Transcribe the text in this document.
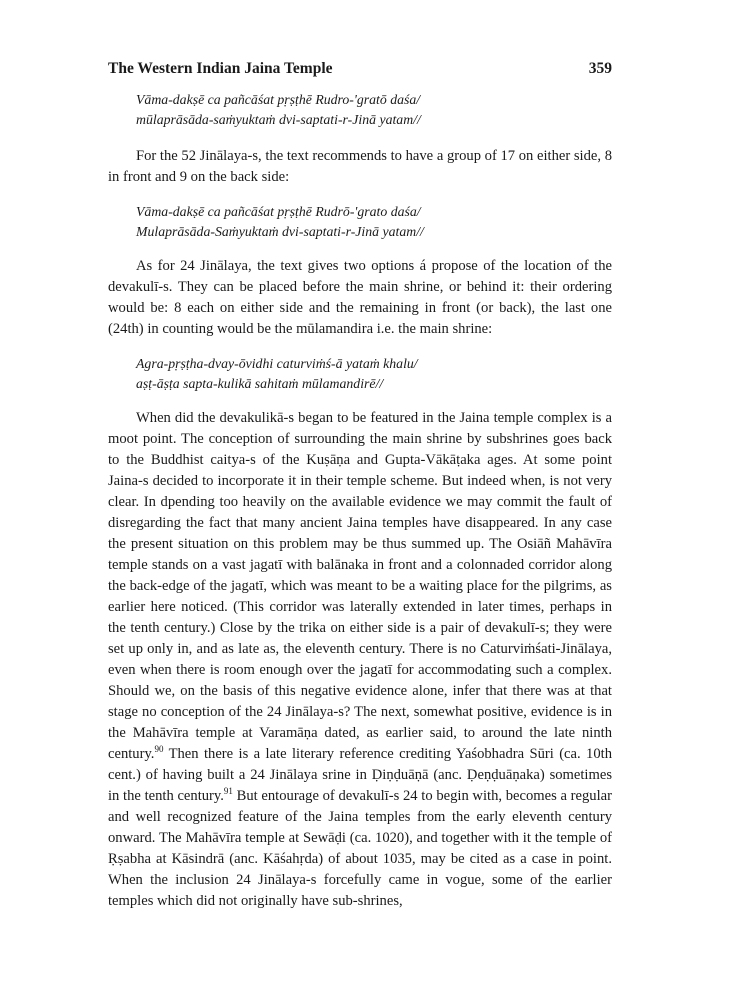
The Western Indian Jaina Temple	359

Vāma-dakṣē ca pañcāśat pṛṣṭhē Rudro-'gratō daśa/

mūlaprāsāda-saṁyuktaṁ dvi-saptati-r-Jinā yatam//

For the 52 Jinālaya-s, the text recommends to have a group of 17 on either side, 8 in front and 9 on the back side:

Vāma-dakṣē ca pañcāśat pṛṣṭhē Rudrō-'grato daśa/

Mulaprāsāda-Saṁyuktaṁ dvi-saptati-r-Jinā yatam//

As for 24 Jinālaya, the text gives two options á propose of the location of the devakulī-s. They can be placed before the main shrine, or behind it: their ordering would be: 8 each on either side and the remaining in front (or back), the last one (24th) in counting would be the mūlamandira i.e. the main shrine:

Agra-pṛṣṭha-dvay-ōvidhi caturviṁś-ā yataṁ khalu/

aṣṭ-āṣṭa sapta-kulikā sahitaṁ mūlamandirē//

When did the devakulikā-s began to be featured in the Jaina temple complex is a moot point. The conception of surrounding the main shrine by subshrines goes back to the Buddhist caitya-s of the Kuṣāṇa and Gupta-Vākāṭaka ages. At some point Jaina-s decided to incorporate it in their temple scheme. But indeed when, is not very clear. In dpending too heavily on the available evidence we may commit the fault of disregarding the fact that many ancient Jaina temples have disappeared. In any case the present situation on this problem may be thus summed up. The Osiāñ Mahāvīra temple stands on a vast jagatī with balānaka in front and a colonnaded corridor along the back-edge of the jagatī, which was meant to be a waiting place for the pilgrims, as earlier here noticed. (This corridor was laterally extended in later times, perhaps in the tenth century.) Close by the trika on either side is a pair of devakulī-s; they were set up only in, and as late as, the eleventh century. There is no Caturviṁśati-Jinālaya, even when there is room enough over the jagatī for accommodating such a complex. Should we, on the basis of this negative evidence alone, infer that there was at that stage no conception of the 24 Jinālaya-s? The next, somewhat positive, evidence is in the Mahāvīra temple at Varamāṇa dated, as earlier said, to around the late ninth century.$^{90}$ Then there is a late literary reference crediting Yaśobhadra Sūri (ca. 10th cent.) of having built a 24 Jinālaya srine in Ḍiṇḍuāṇā (anc. Ḍeṇḍuāṇaka) sometimes in the tenth century.$^{91}$ But entourage of devakulī-s 24 to begin with, becomes a regular and well recognized feature of the Jaina temples from the early eleventh century onward. The Mahāvīra temple at Sewāḍi (ca. 1020), and together with it the temple of Ṛṣabha at Kāsindrā (anc. Kāśahṛda) of about 1035, may be cited as a case in point. When the inclusion 24 Jinālaya-s forcefully came in vogue, some of the earlier temples which did not originally have sub-shrines,
